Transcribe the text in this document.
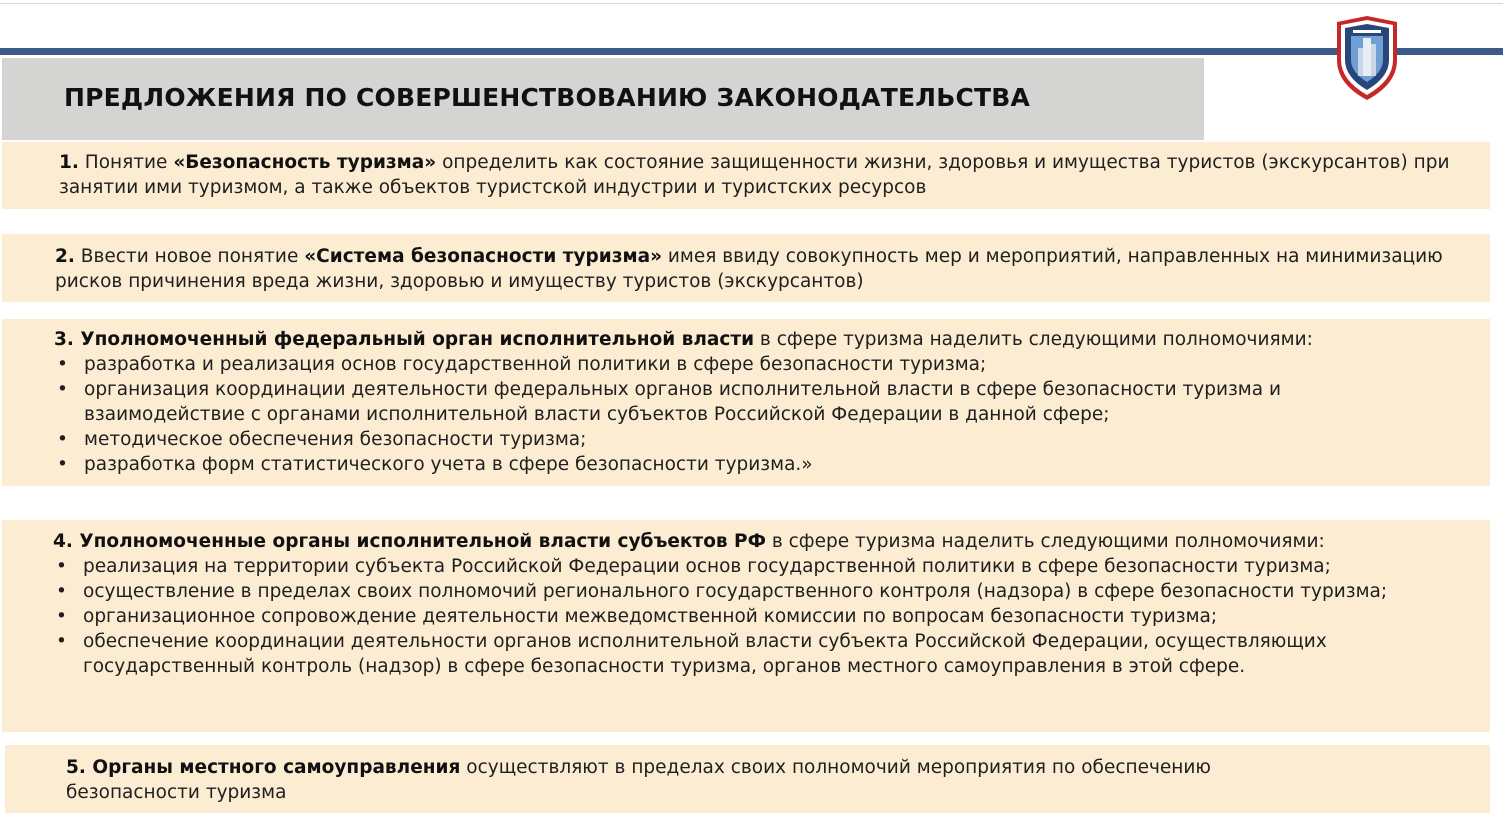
ПРЕДЛОЖЕНИЯ ПО СОВЕРШЕНСТВОВАНИЮ ЗАКОНОДАТЕЛЬСТВА

1. Понятие «Безопасность туризма» определить как состояние защищенности жизни, здоровья и имущества туристов (экскурсантов) при занятии ими туризмом, а также объектов туристской индустрии и туристских ресурсов

2. Ввести новое понятие «Система безопасности туризма» имея ввиду совокупность мер и мероприятий, направленных на минимизацию рисков причинения вреда жизни, здоровью и имуществу туристов (экскурсантов)

3. Уполномоченный федеральный орган исполнительной власти в сфере туризма наделить следующими полномочиями:

• разработка и реализация основ государственной политики в сфере безопасности туризма;
• организация координации деятельности федеральных органов исполнительной власти в сфере безопасности туризма и взаимодействие с органами исполнительной власти субъектов Российской Федерации в данной сфере;
• методическое обеспечения безопасности туризма;
• разработка форм статистического учета в сфере безопасности туризма.»

4. Уполномоченные органы исполнительной власти субъектов РФ в сфере туризма наделить следующими полномочиями:

• реализация на территории субъекта Российской Федерации основ государственной политики в сфере безопасности туризма;
• осуществление в пределах своих полномочий регионального государственного контроля (надзора) в сфере безопасности туризма;
• организационное сопровождение деятельности межведомственной комиссии по вопросам безопасности туризма;
• обеспечение координации деятельности органов исполнительной власти субъекта Российской Федерации, осуществляющих государственный контроль (надзор) в сфере безопасности туризма, органов местного самоуправления в этой сфере.

5. Органы местного самоуправления осуществляют в пределах своих полномочий мероприятия по обеспечению безопасности туризма
